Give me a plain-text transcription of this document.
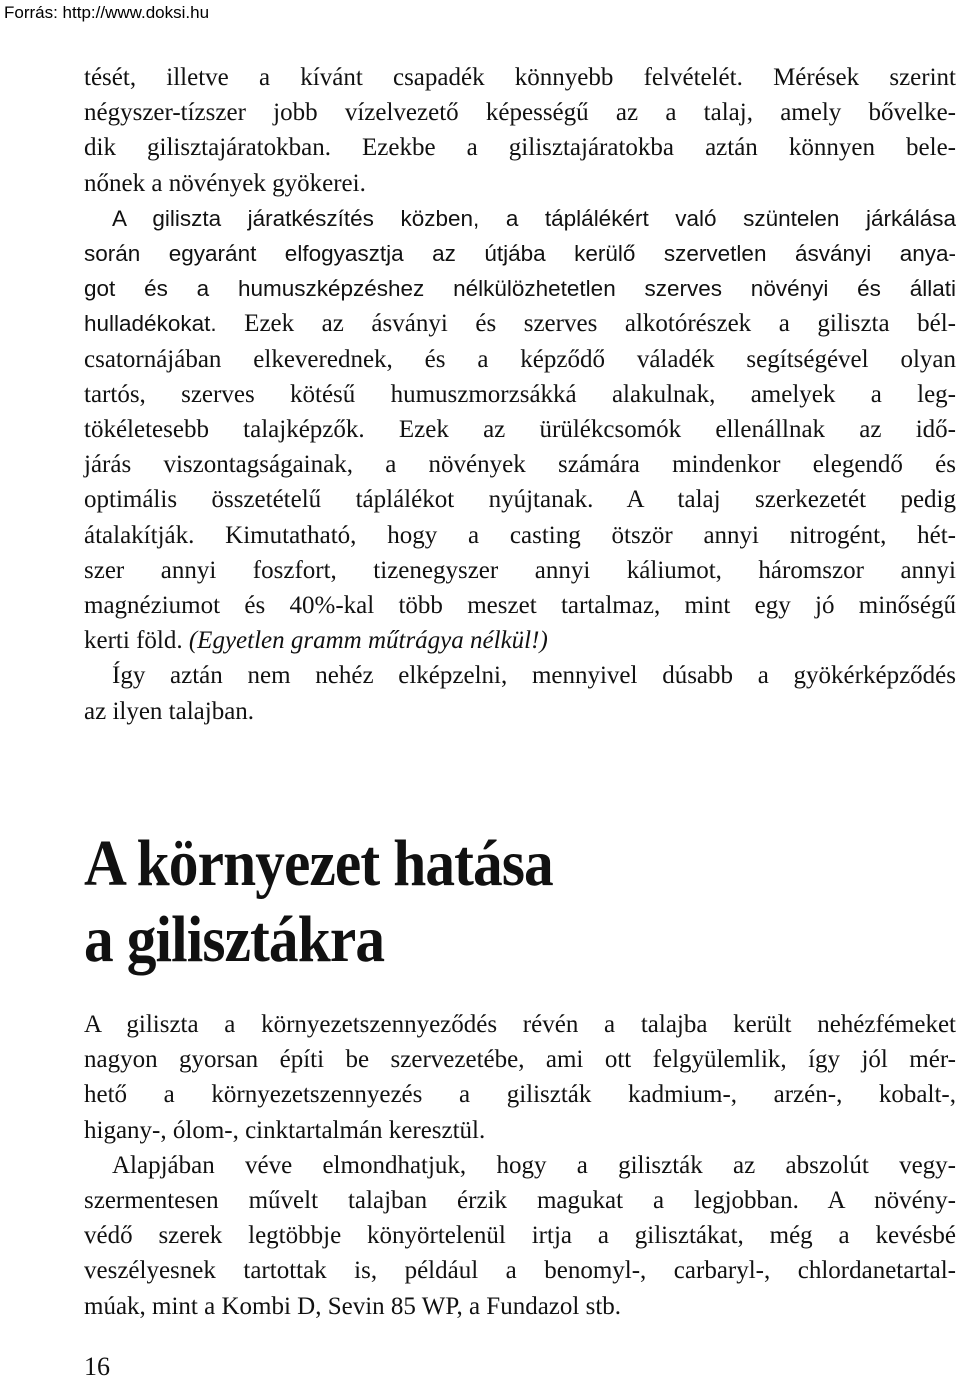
Forrás: http://www.doksi.hu

tését, illetve a kívánt csapadék könnyebb felvételét. Mérések szerint
négyszer-tízszer jobb vízelvezető képességű az a talaj, amely bővelke-
dik gilisztajáratokban. Ezekbe a gilisztajáratokba aztán könnyen bele-
nőnek a növények gyökerei.

A giliszta járatkészítés közben, a táplálékért való szüntelen járkálása
során egyaránt elfogyasztja az útjába kerülő szervetlen ásványi anya-
got és a humuszképzéshez nélkülözhetetlen szerves növényi és állati
hulladékokat. Ezek az ásványi és szerves alkotórészek a giliszta bél-
csatornájában elkeverednek, és a képződő váladék segítségével olyan
tartós, szerves kötésű humuszmorzsákká alakulnak, amelyek a leg-
tökéletesebb talajképzők. Ezek az ürülékcsomók ellenállnak az idő-
járás viszontagságainak, a növények számára mindenkor elegendő és
optimális összetételű táplálékot nyújtanak. A talaj szerkezetét pedig
átalakítják. Kimutatható, hogy a casting ötször annyi nitrogént, hét-
szer annyi foszfort, tizenegyszer annyi káliumot, háromszor annyi
magnéziumot és 40%-kal több meszet tartalmaz, mint egy jó minőségű
kerti föld. (Egyetlen gramm műtrágya nélkül!)

Így aztán nem nehéz elképzelni, mennyivel dúsabb a gyökérképződés
az ilyen talajban.

A környezet hatása
a gilisztákra

A giliszta a környezetszennyeződés révén a talajba került nehézfémeket
nagyon gyorsan építi be szervezetébe, ami ott felgyülemlik, így jól mér-
hető a környezetszennyezés a giliszták kadmium-, arzén-, kobalt-,
higany-, ólom-, cinktartalmán keresztül.

Alapjában véve elmondhatjuk, hogy a giliszták az abszolút vegy-
szermentesen művelt talajban érzik magukat a legjobban. A növény-
védő szerek legtöbbje könyörtelenül irtja a gilisztákat, még a kevésbé
veszélyesnek tartottak is, például a benomyl-, carbaryl-, chlordanetartal-
múak, mint a Kombi D, Sevin 85 WP, a Fundazol stb.

16
